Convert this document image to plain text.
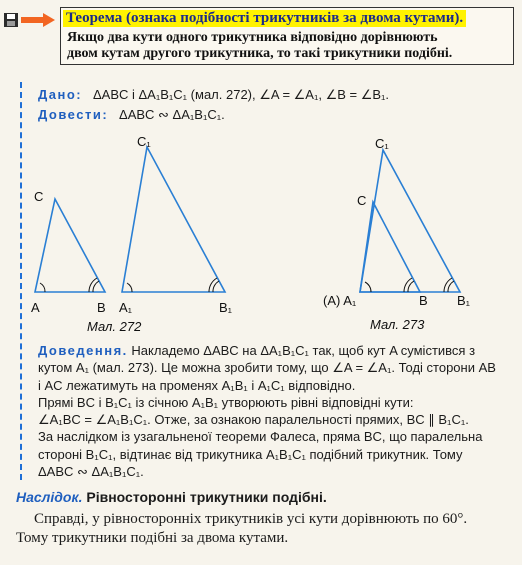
Теорема (ознака подібності трикутників за двома кутами).
Якщо два кути одного трикутника відповідно дорівнюють
двом кутам другого трикутника, то такі трикутники подібні.
Дано: ΔABC і ΔA₁B₁C₁ (мал. 272), ∠A = ∠A₁, ∠B = ∠B₁.
Довести: ΔABC ∾ ΔA₁B₁C₁.
A	B
C
A₁	B₁
C₁
Мал. 272
(A) A₁	B B₁
C
C₁
Мал. 273
Доведення. Накладемо ΔABC на ΔA₁B₁C₁ так, щоб кут A сумістився з
кутом A₁ (мал. 273). Це можна зробити тому, що ∠A = ∠A₁. Тоді сторони AB
і AC лежатимуть на променях A₁B₁ і A₁C₁ відповідно.
Прямі BC і B₁C₁ із січною A₁B₁ утворюють рівні відповідні кути:
∠A₁BC = ∠A₁B₁C₁. Отже, за ознакою паралельності прямих, BC ∥ B₁C₁.
За наслідком із узагальненої теореми Фалеса, пряма BC, що паралельна
стороні B₁C₁, відтинає від трикутника A₁B₁C₁ подібний трикутник. Тому
ΔABC ∾ ΔA₁B₁C₁.
Наслідок. Рівносторонні трикутники подібні.
Справді, у рівносторонніх трикутників усі кути дорівнюють по 60°.
Тому трикутники подібні за двома кутами.
